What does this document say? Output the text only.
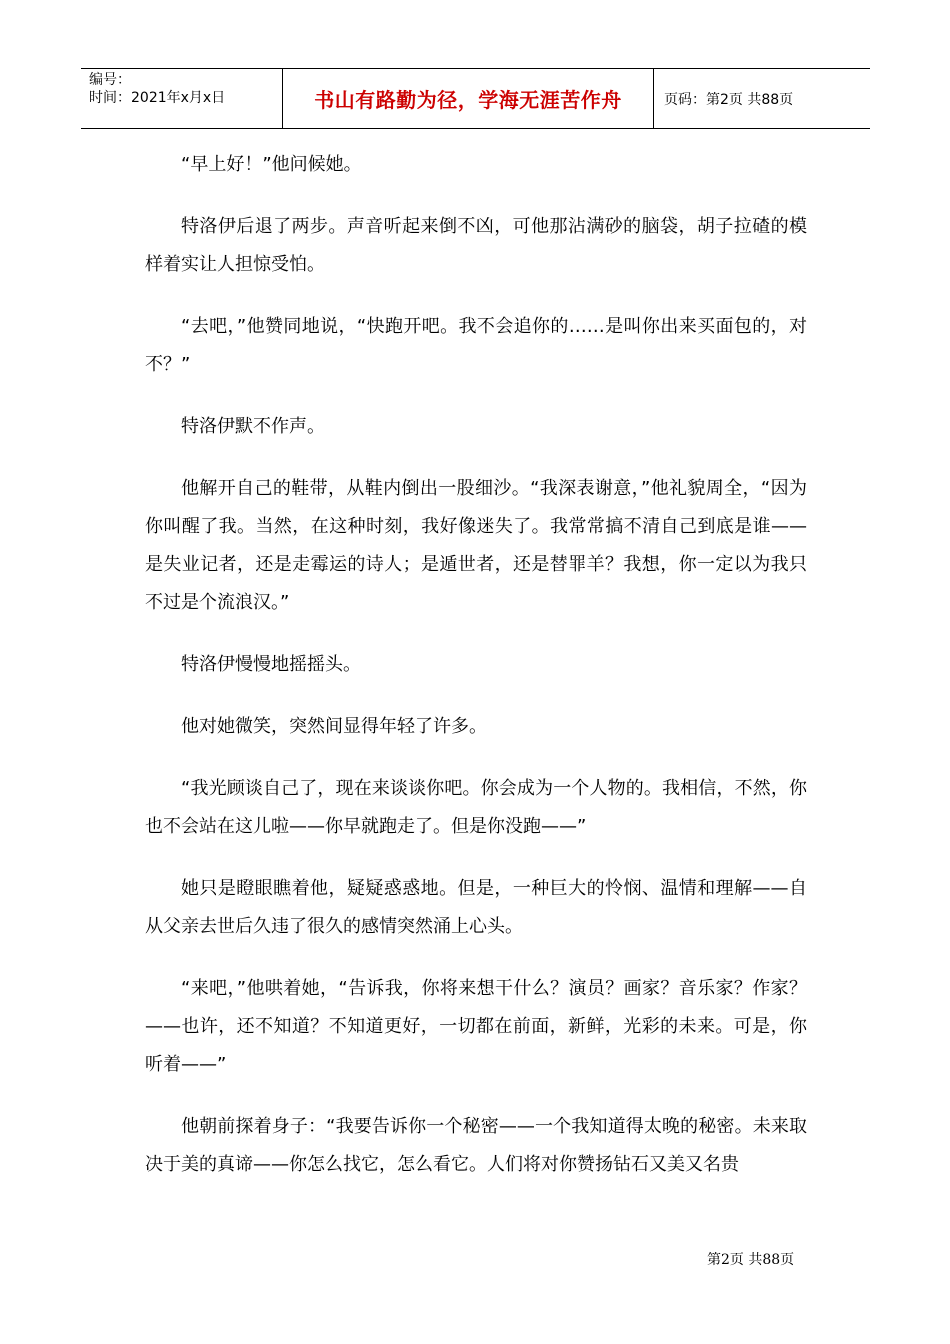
编号：
时间：2021年x月x日	书山有路勤为径，学海无涯苦作舟	页码：第2页 共88页

“早上好！”他问候她。

特洛伊后退了两步。声音听起来倒不凶，可他那沾满砂的脑袋，胡子拉碴的模样着实让人担惊受怕。

“去吧，”他赞同地说，“快跑开吧。我不会追你的……是叫你出来买面包的，对不？”

特洛伊默不作声。

他解开自己的鞋带，从鞋内倒出一股细沙。“我深表谢意，”他礼貌周全，“因为你叫醒了我。当然，在这种时刻，我好像迷失了。我常常搞不清自己到底是谁——是失业记者，还是走霉运的诗人；是遁世者，还是替罪羊？我想，你一定以为我只不过是个流浪汉。”

特洛伊慢慢地摇摇头。

他对她微笑，突然间显得年轻了许多。

“我光顾谈自己了，现在来谈谈你吧。你会成为一个人物的。我相信，不然，你也不会站在这儿啦——你早就跑走了。但是你没跑——”

她只是瞪眼瞧着他，疑疑惑惑地。但是，一种巨大的怜悯、温情和理解——自从父亲去世后久违了很久的感情突然涌上心头。

“来吧，”他哄着她，“告诉我，你将来想干什么？演员？画家？音乐家？作家？——也许，还不知道？不知道更好，一切都在前面，新鲜，光彩的未来。可是，你听着——”

他朝前探着身子：“我要告诉你一个秘密——一个我知道得太晚的秘密。未来取决于美的真谛——你怎么找它，怎么看它。人们将对你赞扬钻石又美又名贵

第2页 共88页
